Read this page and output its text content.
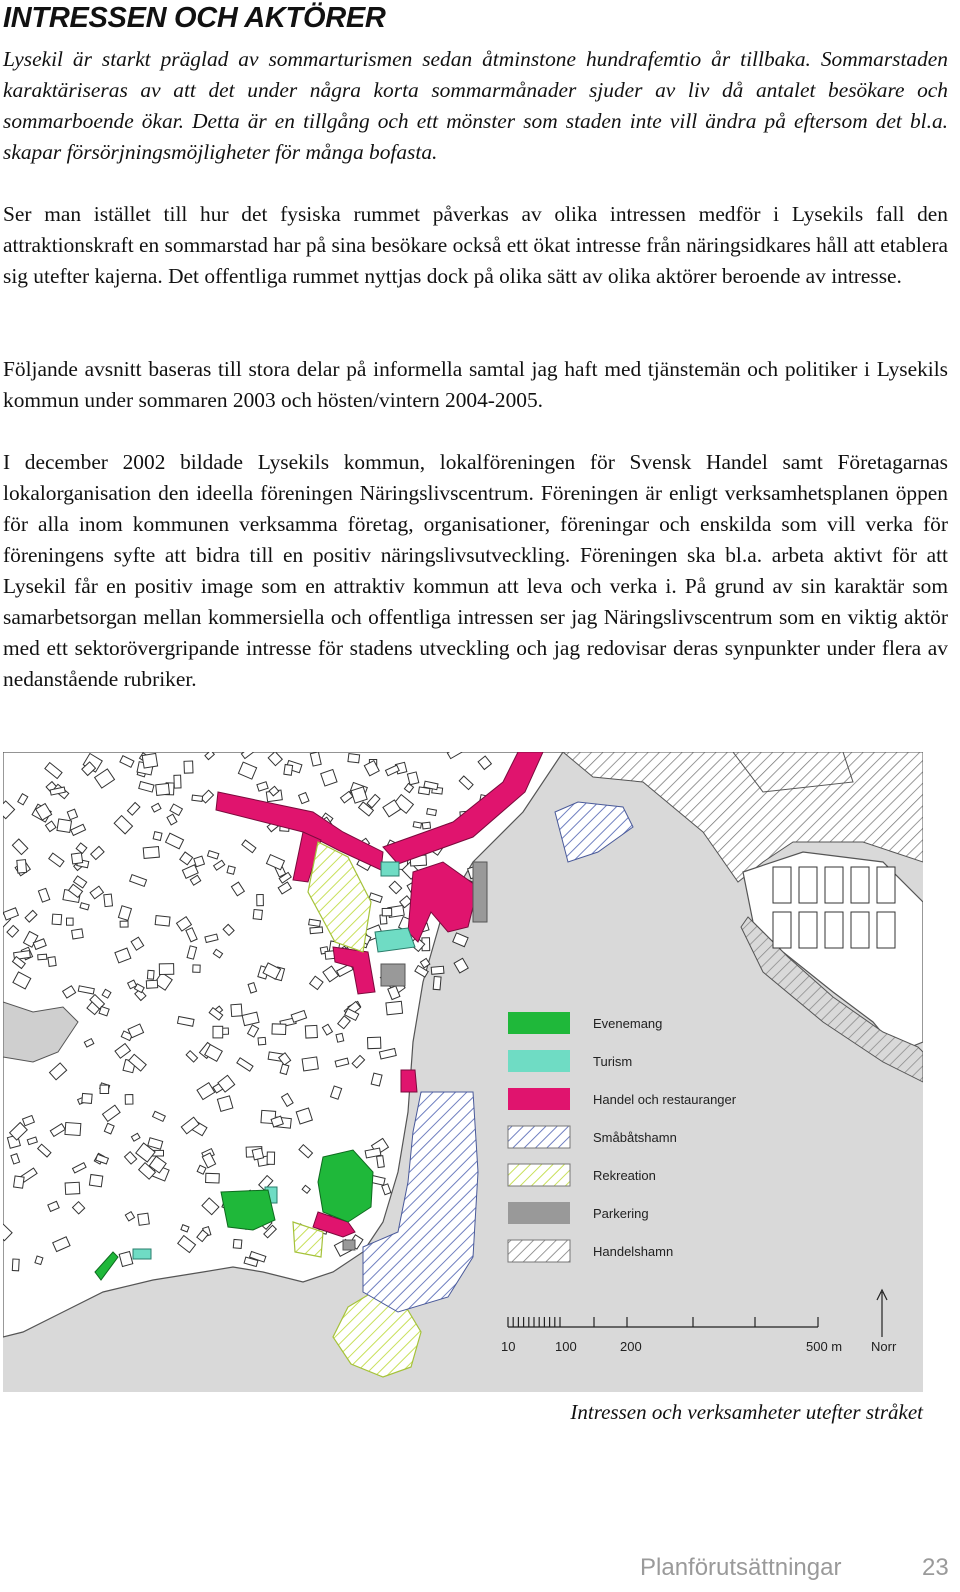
INTRESSEN OCH AKTÖRER

Lysekil är starkt präglad av sommarturismen sedan åtminstone hundrafemtio år tillbaka. Sommarstaden karaktäriseras av att det under några korta sommarmånader sjuder av liv då antalet besökare och sommarboende ökar. Detta är en tillgång och ett mönster som staden inte vill ändra på eftersom det bl.a. skapar försörjningsmöjligheter för många bofasta.

Ser man istället till hur det fysiska rummet påverkas av olika intressen medför i Lysekils fall den attraktionskraft en sommarstad har på sina besökare också ett ökat intresse från näringsidkares håll att etablera sig utefter kajerna. Det offentliga rummet nyttjas dock på olika sätt av olika aktörer beroende av intresse.

Följande avsnitt baseras till stora delar på informella samtal jag haft med tjänstemän och politiker i Lysekils kommun under sommaren 2003 och hösten/vintern 2004-2005.

I december 2002 bildade Lysekils kommun, lokalföreningen för Svensk Handel samt Företagarnas lokalorganisation den ideella föreningen Näringslivscentrum. Föreningen är enligt verksamhetsplanen öppen för alla inom kommunen verksamma företag, organisationer, föreningar och enskilda som vill verka för föreningens syfte att bidra till en positiv näringslivsutveckling. Föreningen ska bl.a. arbeta aktivt för att Lysekil får en positiv image som en attraktiv kommun att leva och verka i. På grund av sin karaktär som samarbetsorgan mellan kommersiella och offentliga intressen ser jag Näringslivscentrum som en viktig aktör med ett sektorövergripande intresse för stadens utveckling och jag redovisar deras synpunkter under flera av nedanstående rubriker.

Evenemang
Turism
Handel och restauranger
Småbåtshamn
Rekreation
Parkering
Handelshamn
10	100	200	500 m Norr

Intressen och verksamheter utefter stråket

Planförutsättningar	23
